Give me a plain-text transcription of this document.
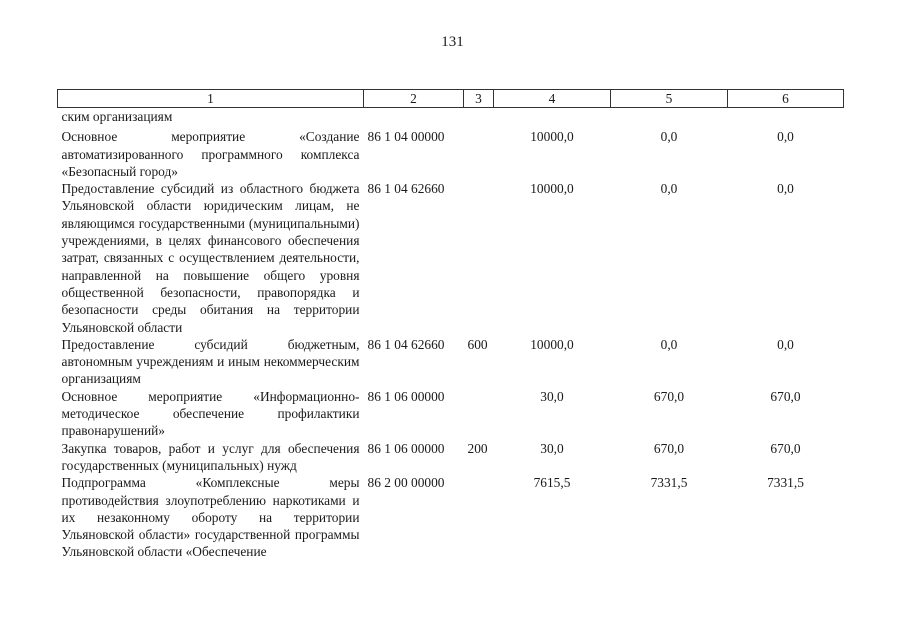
131
1	2	3	4	5	6
ским организациям					
Основное мероприятие «Создание автоматизированного программного комплекса «Безопасный город»	86 1 04 00000		10000,0	0,0	0,0
Предоставление субсидий из областного бюджета Ульяновской области юридическим лицам, не являющимся государственными (муниципальными) учреждениями, в целях финансового обеспечения затрат, связанных с осуществлением деятельности, направленной на повышение общего уровня общественной безопасности, правопорядка и безопасности среды обитания на территории Ульяновской области	86 1 04 62660		10000,0	0,0	0,0
Предоставление субсидий бюджетным, автономным учреждениям и иным некоммерческим организациям	86 1 04 62660	600	10000,0	0,0	0,0
Основное мероприятие «Информационно-методическое обеспечение профилактики правонарушений»	86 1 06 00000		30,0	670,0	670,0
Закупка товаров, работ и услуг для обеспечения государственных (муниципальных) нужд	86 1 06 00000	200	30,0	670,0	670,0
Подпрограмма «Комплексные меры противодействия злоупотреблению наркотиками и их незаконному обороту на территории Ульяновской области» государственной программы Ульяновской области «Обеспечение	86 2 00 00000		7615,5	7331,5	7331,5
